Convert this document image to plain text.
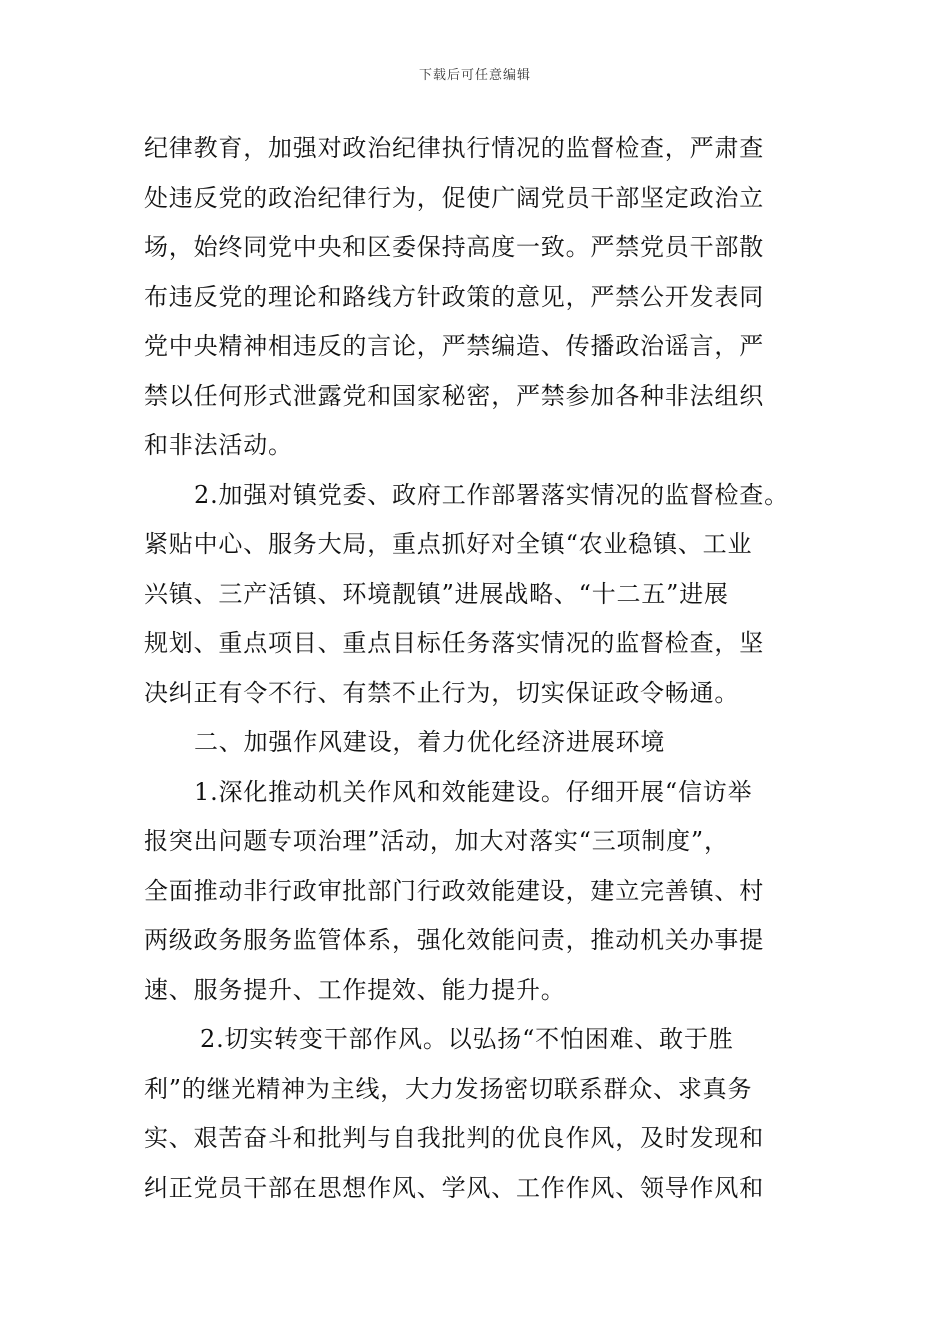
下载后可任意编辑
纪律教育，加强对政治纪律执行情况的监督检查，严肃查
处违反党的政治纪律行为，促使广阔党员干部坚定政治立
场，始终同党中央和区委保持高度一致。严禁党员干部散
布违反党的理论和路线方针政策的意见，严禁公开发表同
党中央精神相违反的言论，严禁编造、传播政治谣言，严
禁以任何形式泄露党和国家秘密，严禁参加各种非法组织
和非法活动。
2.加强对镇党委、政府工作部署落实情况的监督检查。
紧贴中心、服务大局，重点抓好对全镇“农业稳镇、工业
兴镇、三产活镇、环境靓镇”进展战略、“十二五”进展
规划、重点项目、重点目标任务落实情况的监督检查，坚
决纠正有令不行、有禁不止行为，切实保证政令畅通。
二、加强作风建设，着力优化经济进展环境
1.深化推动机关作风和效能建设。仔细开展“信访举
报突出问题专项治理”活动，加大对落实“三项制度”，
全面推动非行政审批部门行政效能建设，建立完善镇、村
两级政务服务监管体系，强化效能问责，推动机关办事提
速、服务提升、工作提效、能力提升。
2.切实转变干部作风。以弘扬“不怕困难、敢于胜
利”的继光精神为主线，大力发扬密切联系群众、求真务
实、艰苦奋斗和批判与自我批判的优良作风，及时发现和
纠正党员干部在思想作风、学风、工作作风、领导作风和
